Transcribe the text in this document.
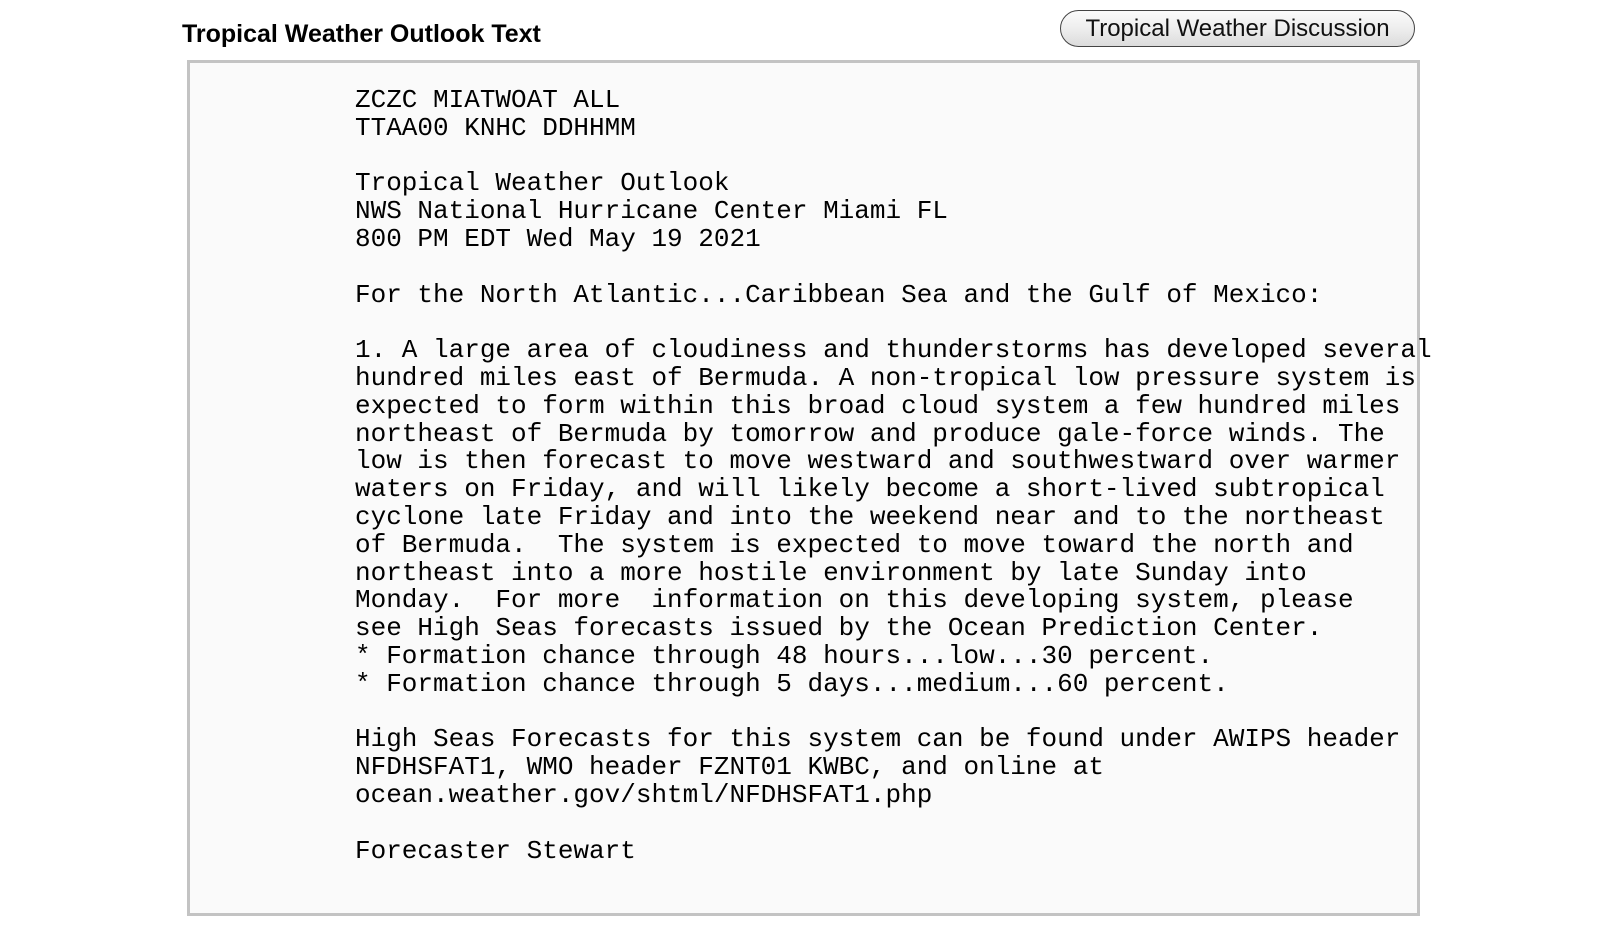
Tropical Weather Outlook Text	Tropical Weather Discussion
ZCZC MIATWOAT ALL
TTAA00 KNHC DDHHMM

Tropical Weather Outlook
NWS National Hurricane Center Miami FL
800 PM EDT Wed May 19 2021

For the North Atlantic...Caribbean Sea and the Gulf of Mexico:

1. A large area of cloudiness and thunderstorms has developed several
hundred miles east of Bermuda. A non-tropical low pressure system is
expected to form within this broad cloud system a few hundred miles
northeast of Bermuda by tomorrow and produce gale-force winds. The
low is then forecast to move westward and southwestward over warmer
waters on Friday, and will likely become a short-lived subtropical
cyclone late Friday and into the weekend near and to the northeast
of Bermuda.  The system is expected to move toward the north and
northeast into a more hostile environment by late Sunday into
Monday.  For more  information on this developing system, please
see High Seas forecasts issued by the Ocean Prediction Center.
* Formation chance through 48 hours...low...30 percent.
* Formation chance through 5 days...medium...60 percent.

High Seas Forecasts for this system can be found under AWIPS header
NFDHSFAT1, WMO header FZNT01 KWBC, and online at
ocean.weather.gov/shtml/NFDHSFAT1.php

Forecaster Stewart
